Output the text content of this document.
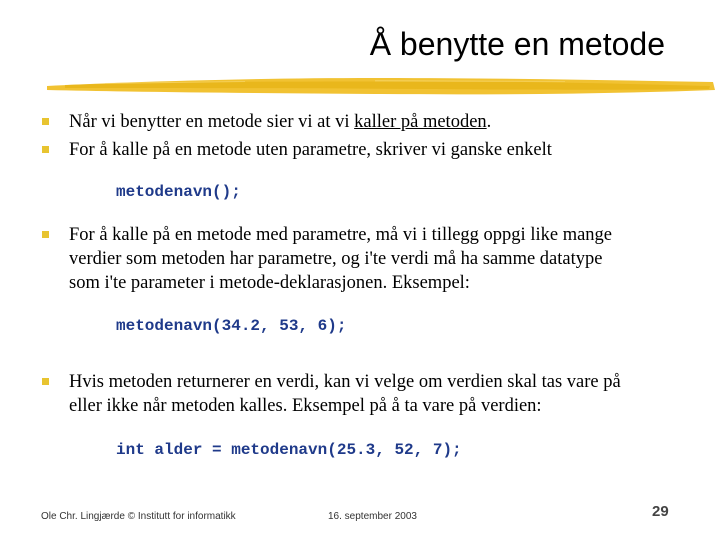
Å benytte en metode
Når vi benytter en metode sier vi at vi kaller på metoden.
For å kalle på en metode uten parametre, skriver vi ganske enkelt
metodenavn();
For å kalle på en metode med parametre, må vi i tillegg oppgi like mange
verdier som metoden har parametre, og i'te verdi må ha samme datatype
som i'te parameter i metode-deklarasjonen. Eksempel:
metodenavn(34.2, 53, 6);
Hvis metoden returnerer en verdi, kan vi velge om verdien skal tas vare på
eller ikke når metoden kalles. Eksempel på å ta vare på verdien:
int alder = metodenavn(25.3, 52, 7);
Ole Chr. Lingjærde © Institutt for informatikk	16. september 2003	29
